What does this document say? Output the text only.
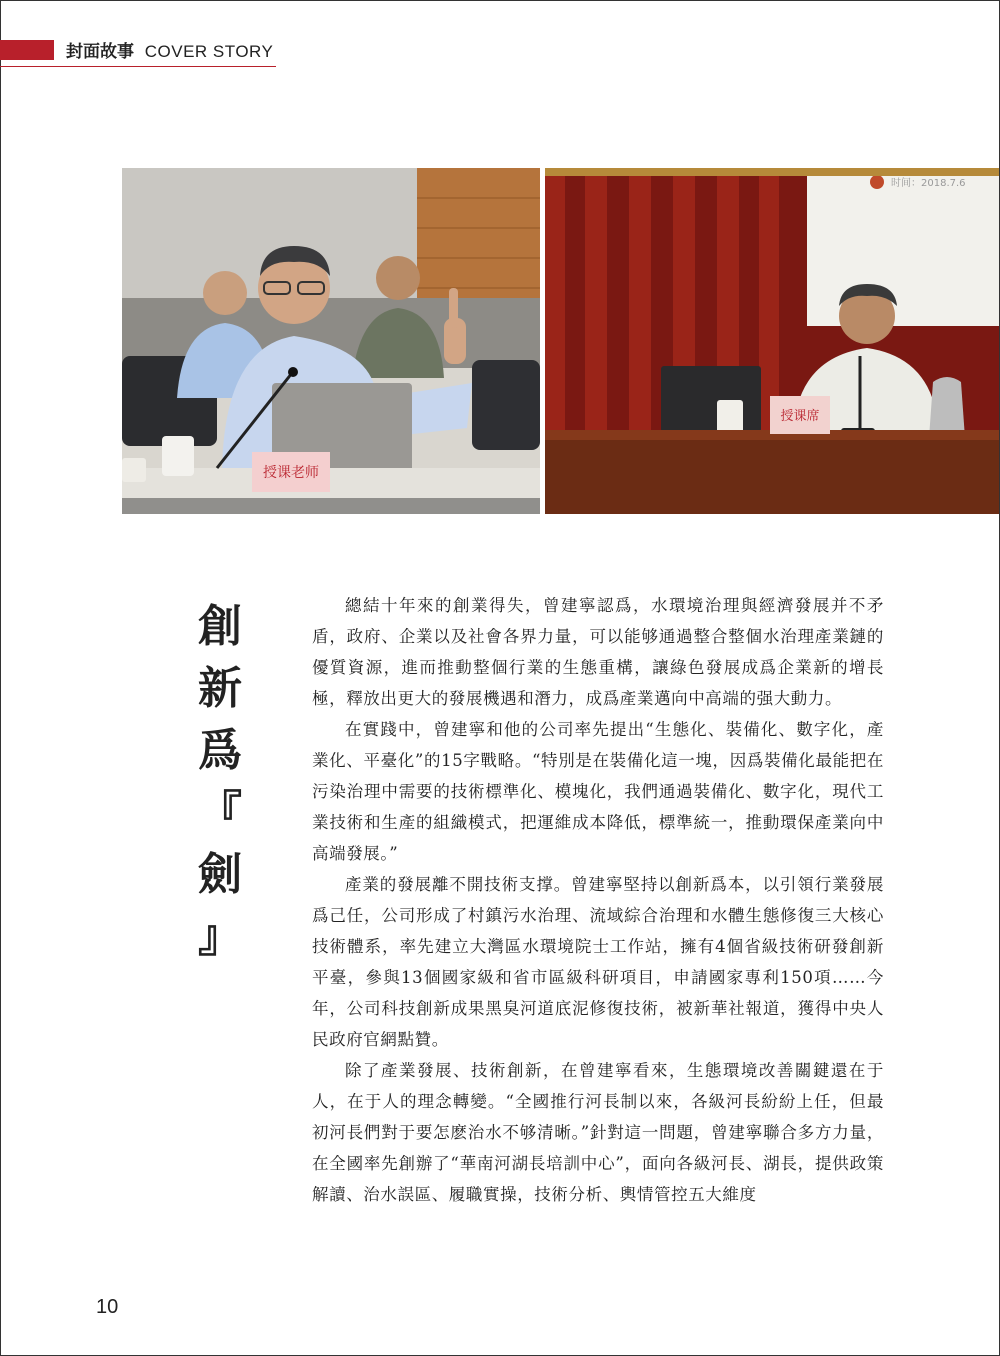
封面故事 COVER STORY
授课老师
时间：2018.7.6
授课席
創
新
爲
『
劍
』

總結十年來的創業得失，曾建寧認爲，水環境治理與經濟發展并不矛盾，政府、企業以及社會各界力量，可以能够通過整合整個水治理產業鏈的優質資源，進而推動整個行業的生態重構，讓綠色發展成爲企業新的增長極，釋放出更大的發展機遇和潛力，成爲產業邁向中高端的强大動力。

在實踐中，曾建寧和他的公司率先提出“生態化、裝備化、數字化，產業化、平臺化”的15字戰略。“特別是在裝備化這一塊，因爲裝備化最能把在污染治理中需要的技術標準化、模塊化，我們通過裝備化、數字化，現代工業技術和生產的組織模式，把運維成本降低，標準統一，推動環保產業向中高端發展。”

產業的發展離不開技術支撑。曾建寧堅持以創新爲本，以引領行業發展爲己任，公司形成了村鎮污水治理、流域綜合治理和水體生態修復三大核心技術體系，率先建立大灣區水環境院士工作站，擁有4個省級技術研發創新平臺，參與13個國家級和省市區級科研項目，申請國家專利150項……今年，公司科技創新成果黑臭河道底泥修復技術，被新華社報道，獲得中央人民政府官網點贊。

除了產業發展、技術創新，在曾建寧看來，生態環境改善關鍵還在于人，在于人的理念轉變。“全國推行河長制以來，各級河長紛紛上任，但最初河長們對于要怎麽治水不够清晰。”針對這一問題，曾建寧聯合多方力量，在全國率先創辦了“華南河湖長培訓中心”，面向各級河長、湖長，提供政策解讀、治水誤區、履職實操，技術分析、輿情管控五大維度

10
